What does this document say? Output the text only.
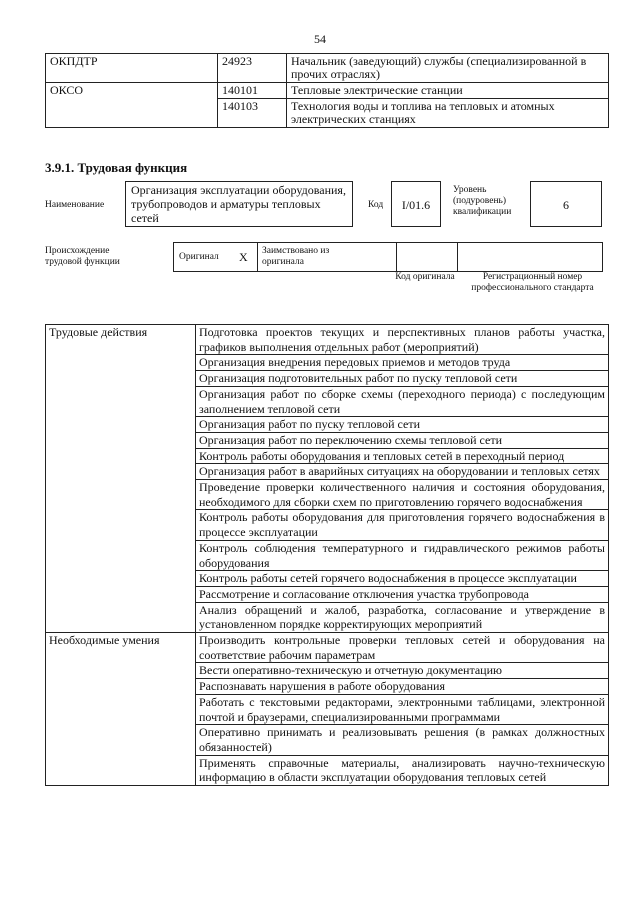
54
ОКПДТР	24923	Начальник (заведующий) службы (специализированной в прочих отраслях)
ОКСО	140101	Тепловые электрические станции
	140103	Технология воды и топлива на тепловых и атомных электрических станциях
3.9.1. Трудовая функция
Наименование
Организация эксплуатации оборудования, трубопроводов и арматуры тепловых сетей
Код	I/01.6
Уровень (подуровень) квалификации	6
Происхождение трудовой функции	Оригинал X Заимствовано из оригинала
Код оригинала	Регистрационный номер профессионального стандарта
Трудовые действия	Подготовка проектов текущих и перспективных планов работы участка, графиков выполнения отдельных работ (мероприятий)
	Организация внедрения передовых приемов и методов труда
	Организация подготовительных работ по пуску тепловой сети
	Организация работ по сборке схемы (переходного периода) с последующим заполнением тепловой сети
	Организация работ по пуску тепловой сети
	Организация работ по переключению схемы тепловой сети
	Контроль работы оборудования и тепловых сетей в переходный период
	Организация работ в аварийных ситуациях на оборудовании и тепловых сетях
	Проведение проверки количественного наличия и состояния оборудования, необходимого для сборки схем по приготовлению горячего водоснабжения
	Контроль работы оборудования для приготовления горячего водоснабжения в процессе эксплуатации
	Контроль соблюдения температурного и гидравлического режимов работы оборудования
	Контроль работы сетей горячего водоснабжения в процессе эксплуатации
	Рассмотрение и согласование отключения участка трубопровода
	Анализ обращений и жалоб, разработка, согласование и утверждение в установленном порядке корректирующих мероприятий
Необходимые умения	Производить контрольные проверки тепловых сетей и оборудования на соответствие рабочим параметрам
	Вести оперативно-техническую и отчетную документацию
	Распознавать нарушения в работе оборудования
	Работать с текстовыми редакторами, электронными таблицами, электронной почтой и браузерами, специализированными программами
	Оперативно принимать и реализовывать решения (в рамках должностных обязанностей)
	Применять справочные материалы, анализировать научно-техническую информацию в области эксплуатации оборудования тепловых сетей
